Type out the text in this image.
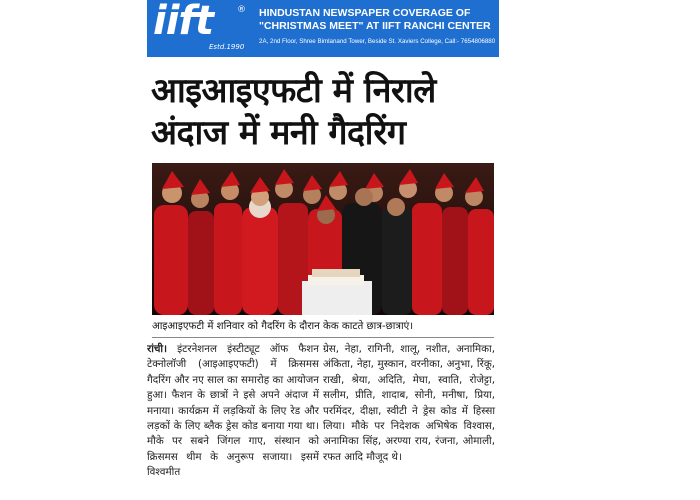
iift	®
Estd.1990
HINDUSTAN NEWSPAPER COVERAGE OF "CHRISTMAS MEET" AT IIFT RANCHI CENTER
2A, 2nd Floor, Shree Bimlanand Tower, Beside St. Xaviers College, Call:- 7654806880
आइआइएफटी में निराले अंदाज में मनी गैदरिंग
आइआइएफटी में शनिवार को गैदरिंग के दौरान केक काटते छात्र-छात्राएं।
रांची। इंटरनेशनल इंस्टीट्यूट ऑफ फैशन टेक्नोलॉजी (आइआइएफटी) में क्रिसमस गैदरिंग और नए साल का समारोह का आयोजन हुआ। फैशन के छात्रों ने इसे अपने अंदाज में मनाया। कार्यक्रम में लड़कियों के लिए रेड और लड़कों के लिए ब्लैक ड्रेस कोड बनाया गया था। मौके पर सबने जिंगल गाए, संस्थान को क्रिसमस थीम के अनुरूप सजाया। इसमें विश्वमीत
ग्रेस, नेहा, रागिनी, शालू, नशीत, अनामिका, अंकिता, नेहा, मुस्कान, वरनीका, अनुभा, रिंकू, राखी, श्रेया, अदिति, मेघा, स्वाति, रोजेट्टा, सलीम, प्रीति, शादाब, सोनी, मनीषा, प्रिया, परमिंदर, दीक्षा, स्वीटी ने ड्रेस कोड में हिस्सा लिया। मौके पर निदेशक अभिषेक विश्वास, अनामिका सिंह, अरण्या राय, रंजना, ओमाली, रफत आदि मौजूद थे।
